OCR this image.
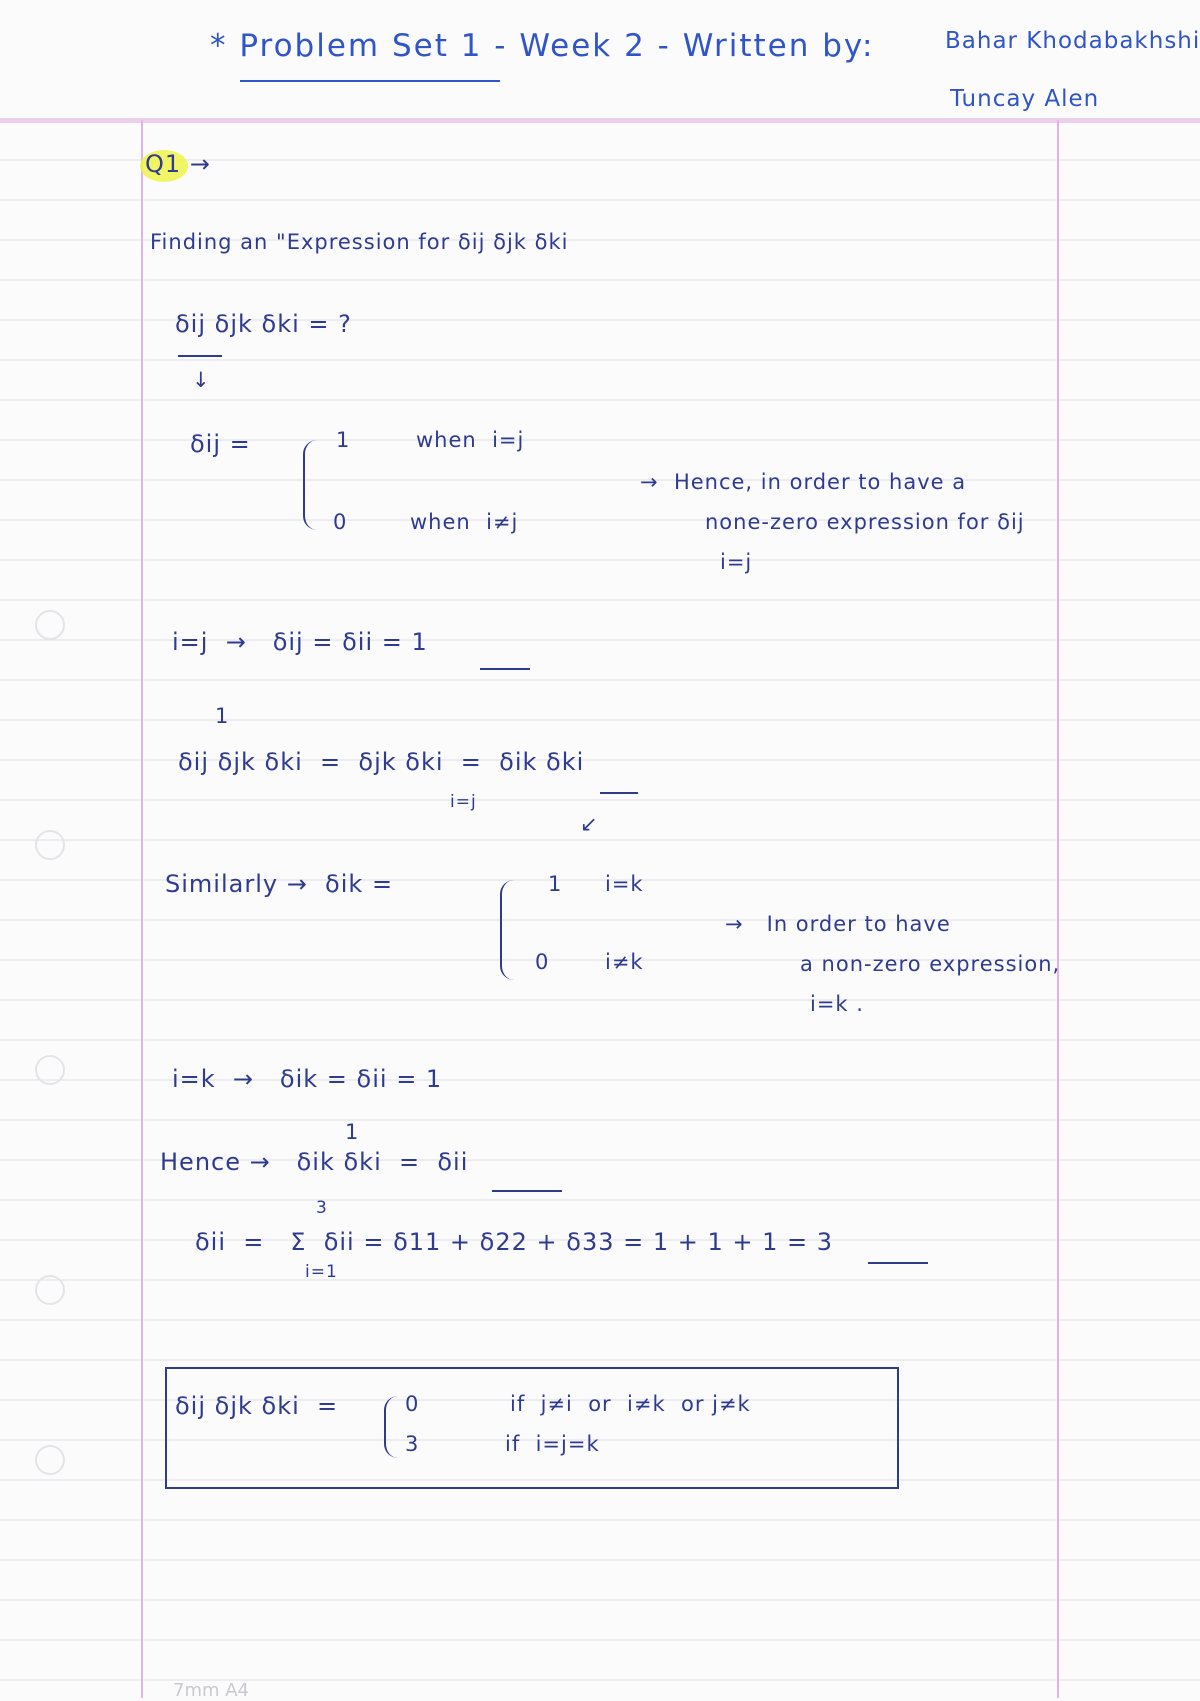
* Problem Set 1 - Week 2 - Written by:	Bahar Khodabakhshi
Tuncay Alen
Q1 →
Finding an "Expression for δij δjk δki
δij δjk δki = ?
↓
δij =	1	when  i=j
0	when  i≠j
→  Hence, in order to have a
none-zero expression for δij
i=j
i=j  →   δij = δii = 1
1
δij δjk δki  =  δjk δki  =  δik δki
i=j
↙
Similarly →  δik =	1 i=k
0	i≠k
→   In order to have
a non-zero expression,
i=k .
i=k  →   δik = δii = 1
1
Hence →   δik δki  =  δii
3
δii  =   Σ  δii = δ11 + δ22 + δ33 = 1 + 1 + 1 = 3
i=1
δij δjk δki  =	0	if  j≠i  or  i≠k  or j≠k
3	if  i=j=k
7mm A4
